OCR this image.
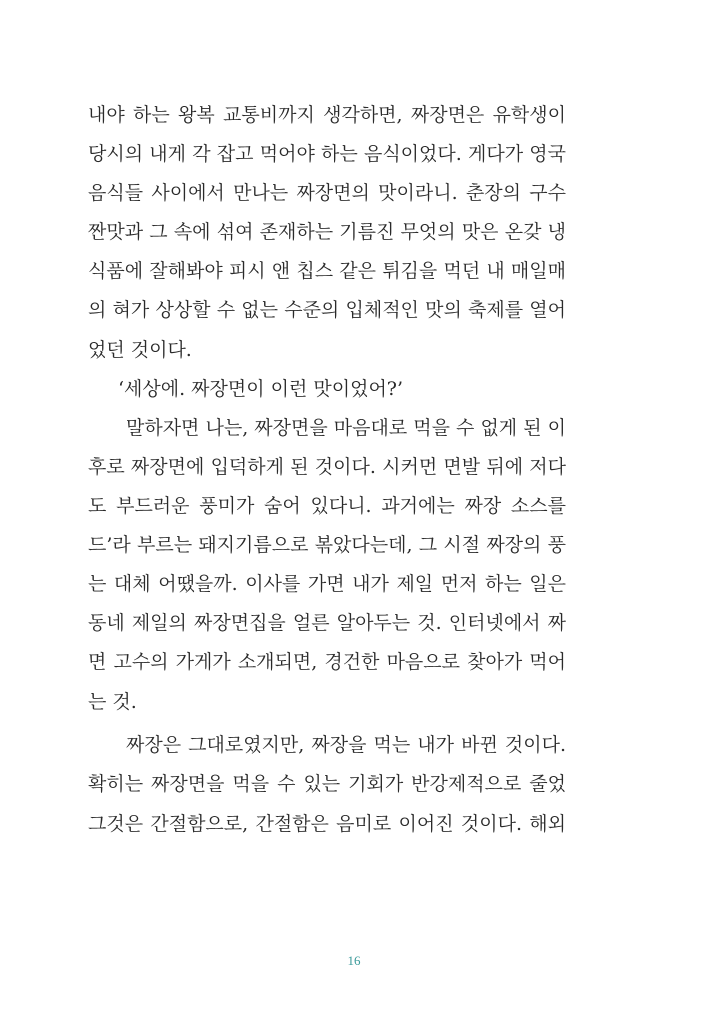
내야 하는 왕복 교통비까지 생각하면, 짜장면은 유학생이
당시의 내게 각 잡고 먹어야 하는 음식이었다. 게다가 영국
음식들 사이에서 만나는 짜장면의 맛이라니. 춘장의 구수
짠맛과 그 속에 섞여 존재하는 기름진 무엇의 맛은 온갖 냉
식품에 잘해봐야 피시 앤 칩스 같은 튀김을 먹던 내 매일매
의 혀가 상상할 수 없는 수준의 입체적인 맛의 축제를 열어
었던 것이다.
‘세상에. 짜장면이 이런 맛이었어?’
말하자면 나는, 짜장면을 마음대로 먹을 수 없게 된 이
후로 짜장면에 입덕하게 된 것이다. 시커먼 면발 뒤에 저다
도 부드러운 풍미가 숨어 있다니. 과거에는 짜장 소스를
드’라 부르는 돼지기름으로 볶았다는데, 그 시절 짜장의 풍
는 대체 어땠을까. 이사를 가면 내가 제일 먼저 하는 일은
동네 제일의 짜장면집을 얼른 알아두는 것. 인터넷에서 짜
면 고수의 가게가 소개되면, 경건한 마음으로 찾아가 먹어
는 것.
짜장은 그대로였지만, 짜장을 먹는 내가 바뀐 것이다.
확히는 짜장면을 먹을 수 있는 기회가 반강제적으로 줄었
그것은 간절함으로, 간절함은 음미로 이어진 것이다. 해외
16
